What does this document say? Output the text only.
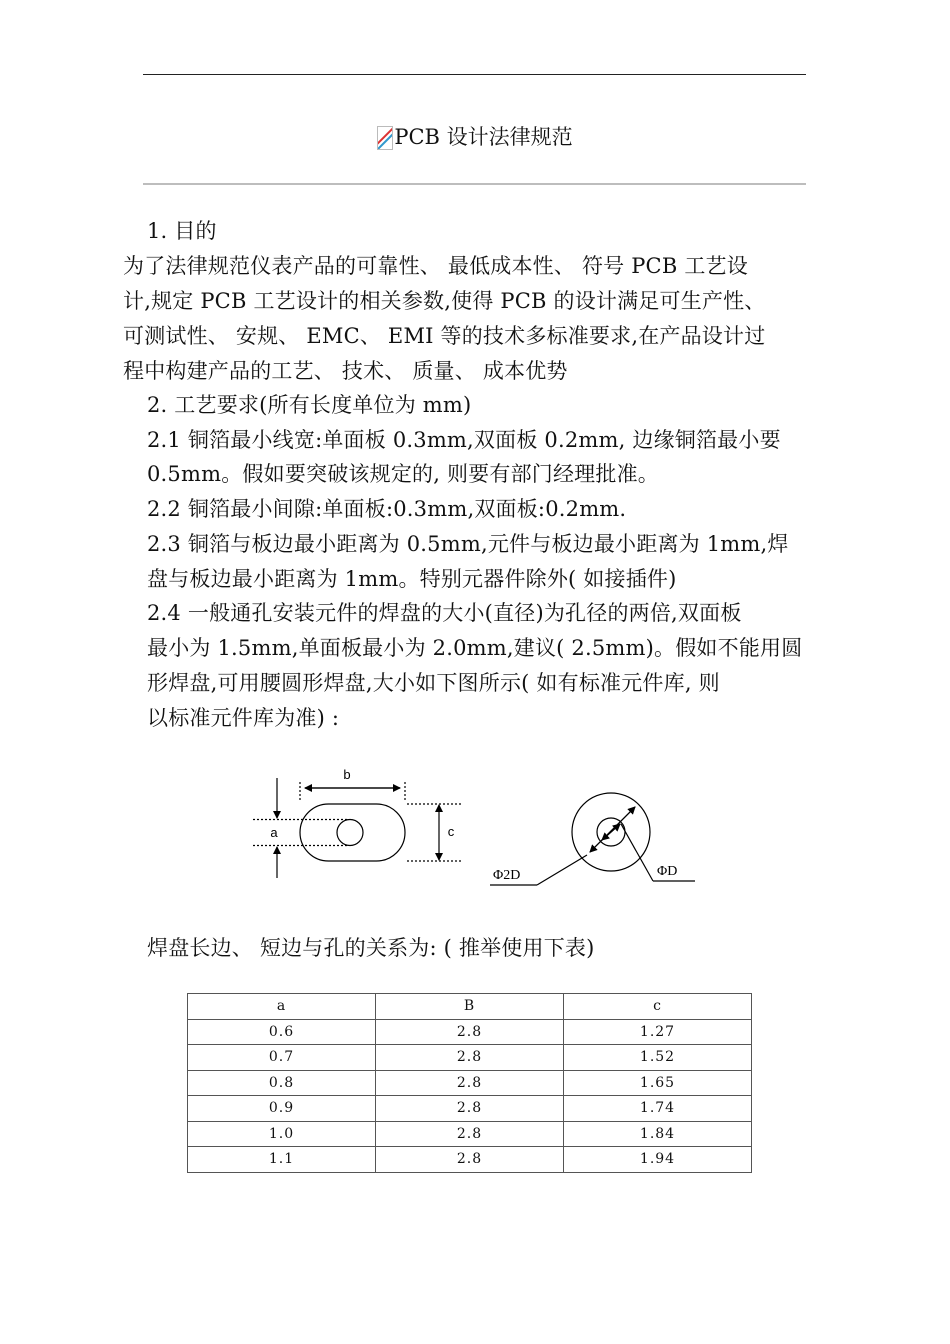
PCB 设计法律规范
1. 目的
为了法律规范仪表产品的可靠性、 最低成本性、 符号 PCB 工艺设
计,规定 PCB 工艺设计的相关参数,使得 PCB 的设计满足可生产性、
可测试性、 安规、 EMC、 EMI 等的技术多标准要求,在产品设计过
程中构建产品的工艺、 技术、 质量、 成本优势
2. 工艺要求(所有长度单位为 mm)
2.1 铜箔最小线宽:单面板 0.3mm,双面板 0.2mm, 边缘铜箔最小要
0.5mm。假如要突破该规定的, 则要有部门经理批准。
2.2 铜箔最小间隙:单面板:0.3mm,双面板:0.2mm.
2.3 铜箔与板边最小距离为 0.5mm,元件与板边最小距离为 1mm,焊
盘与板边最小距离为 1mm。特别元器件除外( 如接插件)
2.4 一般通孔安装元件的焊盘的大小(直径)为孔径的两倍,双面板
最小为 1.5mm,单面板最小为 2.0mm,建议( 2.5mm)。假如不能用圆
形焊盘,可用腰圆形焊盘,大小如下图所示( 如有标准元件库, 则
以标准元件库为准) :
b
a	c
Φ2D	ΦD
焊盘长边、 短边与孔的关系为: ( 推举使用下表)
a	B	c
0.6	2.8	1.27
0.7	2.8	1.52
0.8	2.8	1.65
0.9	2.8	1.74
1.0	2.8	1.84
1.1	2.8	1.94
